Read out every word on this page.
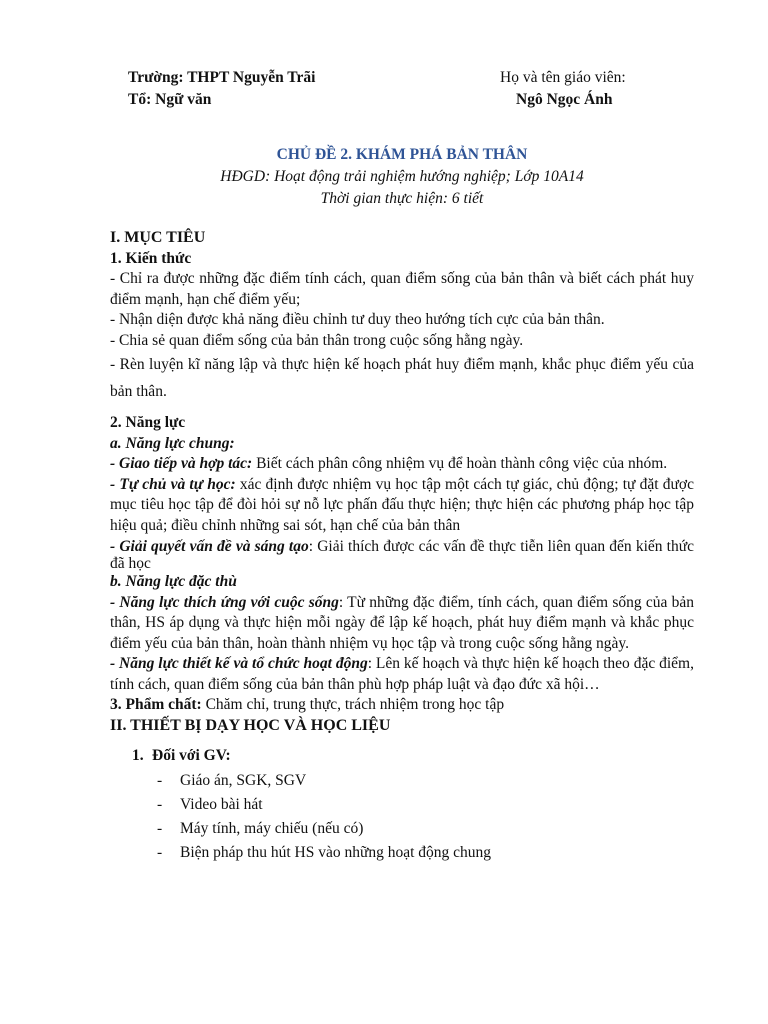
Trường: THPT Nguyễn Trãi
Tổ: Ngữ văn
Họ và tên giáo viên:
Ngô Ngọc Ánh
CHỦ ĐỀ 2. KHÁM PHÁ BẢN THÂN
HĐGD: Hoạt động trải nghiệm hướng nghiệp; Lớp 10A14
Thời gian thực hiện: 6 tiết

I. MỤC TIÊU

1. Kiến thức

- Chỉ ra được những đặc điểm tính cách, quan điểm sống của bản thân và biết cách phát huy điểm mạnh, hạn chế điểm yếu;

- Nhận diện được khả năng điều chỉnh tư duy theo hướng tích cực của bản thân.

- Chia sẻ quan điểm sống của bản thân trong cuộc sống hằng ngày.

- Rèn luyện kĩ năng lập và thực hiện kế hoạch phát huy điểm mạnh, khắc phục điểm yếu của bản thân.

2. Năng lực

a. Năng lực chung:

- Giao tiếp và hợp tác: Biết cách phân công nhiệm vụ để hoàn thành công việc của nhóm.

- Tự chủ và tự học: xác định được nhiệm vụ học tập một cách tự giác, chủ động; tự đặt được mục tiêu học tập để đòi hỏi sự nỗ lực phấn đấu thực hiện; thực hiện các phương pháp học tập hiệu quả; điều chỉnh những sai sót, hạn chế của bản thân

- Giải quyết vấn đề và sáng tạo: Giải thích được các vấn đề thực tiễn liên quan đến kiến thức đã học

b. Năng lực đặc thù

- Năng lực thích ứng với cuộc sống: Từ những đặc điểm, tính cách, quan điểm sống của bản thân, HS áp dụng và thực hiện mỗi ngày để lập kế hoạch, phát huy điểm mạnh và khắc phục điểm yếu của bản thân, hoàn thành nhiệm vụ học tập và trong cuộc sống hằng ngày.

- Năng lực thiết kế và tổ chức hoạt động: Lên kế hoạch và thực hiện kế hoạch theo đặc điểm, tính cách, quan điểm sống của bản thân phù hợp pháp luật và đạo đức xã hội…

3. Phẩm chất: Chăm chỉ, trung thực, trách nhiệm trong học tập

II. THIẾT BỊ DẠY HỌC VÀ HỌC LIỆU

1. Đối với GV:
- Giáo án, SGK, SGV
- Video bài hát
- Máy tính, máy chiếu (nếu có)
- Biện pháp thu hút HS vào những hoạt động chung
